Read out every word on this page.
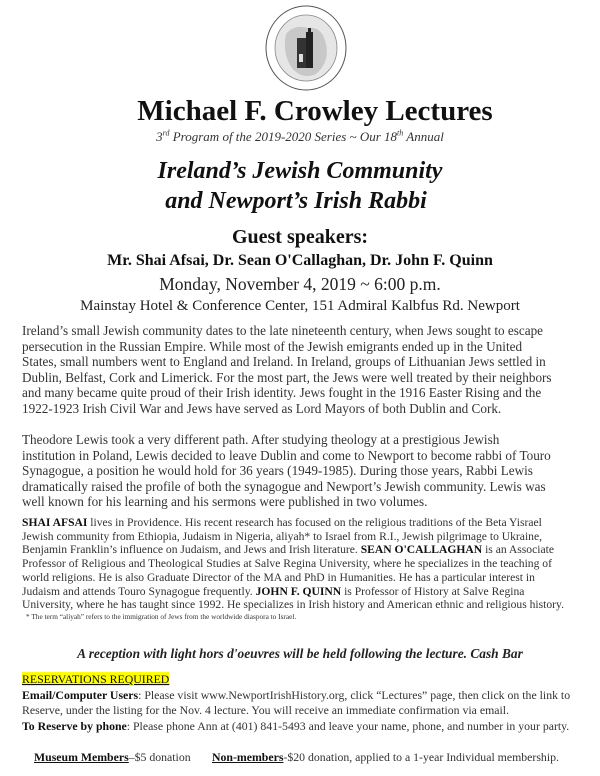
Michael F. Crowley Lectures
3rd Program of the 2019-2020 Series ~ Our 18th Annual
Ireland’s Jewish Community
and Newport’s Irish Rabbi
Guest speakers:
Mr. Shai Afsai, Dr. Sean O'Callaghan, Dr. John F. Quinn
Monday, November 4, 2019 ~ 6:00 p.m.
Mainstay Hotel & Conference Center, 151 Admiral Kalbfus Rd. Newport
Ireland’s small Jewish community dates to the late nineteenth century, when Jews sought to escape
persecution in the Russian Empire. While most of the Jewish emigrants ended up in the United
States, small numbers went to England and Ireland. In Ireland, groups of Lithuanian Jews settled in
Dublin, Belfast, Cork and Limerick. For the most part, the Jews were well treated by their neighbors
and many became quite proud of their Irish identity. Jews fought in the 1916 Easter Rising and the
1922-1923 Irish Civil War and Jews have served as Lord Mayors of both Dublin and Cork.
Theodore Lewis took a very different path. After studying theology at a prestigious Jewish
institution in Poland, Lewis decided to leave Dublin and come to Newport to become rabbi of Touro
Synagogue, a position he would hold for 36 years (1949-1985). During those years, Rabbi Lewis
dramatically raised the profile of both the synagogue and Newport’s Jewish community. Lewis was
well known for his learning and his sermons were published in two volumes.
SHAI AFSAI lives in Providence. His recent research has focused on the religious traditions of the Beta Yisrael
Jewish community from Ethiopia, Judaism in Nigeria, aliyah* to Israel from R.I., Jewish pilgrimage to Ukraine,
Benjamin Franklin’s influence on Judaism, and Jews and Irish literature. SEAN O'CALLAGHAN is an Associate
Professor of Religious and Theological Studies at Salve Regina University, where he specializes in the teaching of
world religions. He is also Graduate Director of the MA and PhD in Humanities. He has a particular interest in
Judaism and attends Touro Synagogue frequently. JOHN F. QUINN is Professor of History at Salve Regina
University, where he has taught since 1992. He specializes in Irish history and American ethnic and religious history.
* The term “aliyah” refers to the immigration of Jews from the worldwide diaspora to Israel.
A reception with light hors d'oeuvres will be held following the lecture. Cash Bar
RESERVATIONS REQUIRED
Email/Computer Users: Please visit www.NewportIrishHistory.org, click “Lectures” page, then click on the link to
Reserve, under the listing for the Nov. 4 lecture. You will receive an immediate confirmation via email.
To Reserve by phone: Please phone Ann at (401) 841-5493 and leave your name, phone, and number in your party.
Museum Members–$5 donation Non-members-$20 donation, applied to a 1-year Individual membership.
